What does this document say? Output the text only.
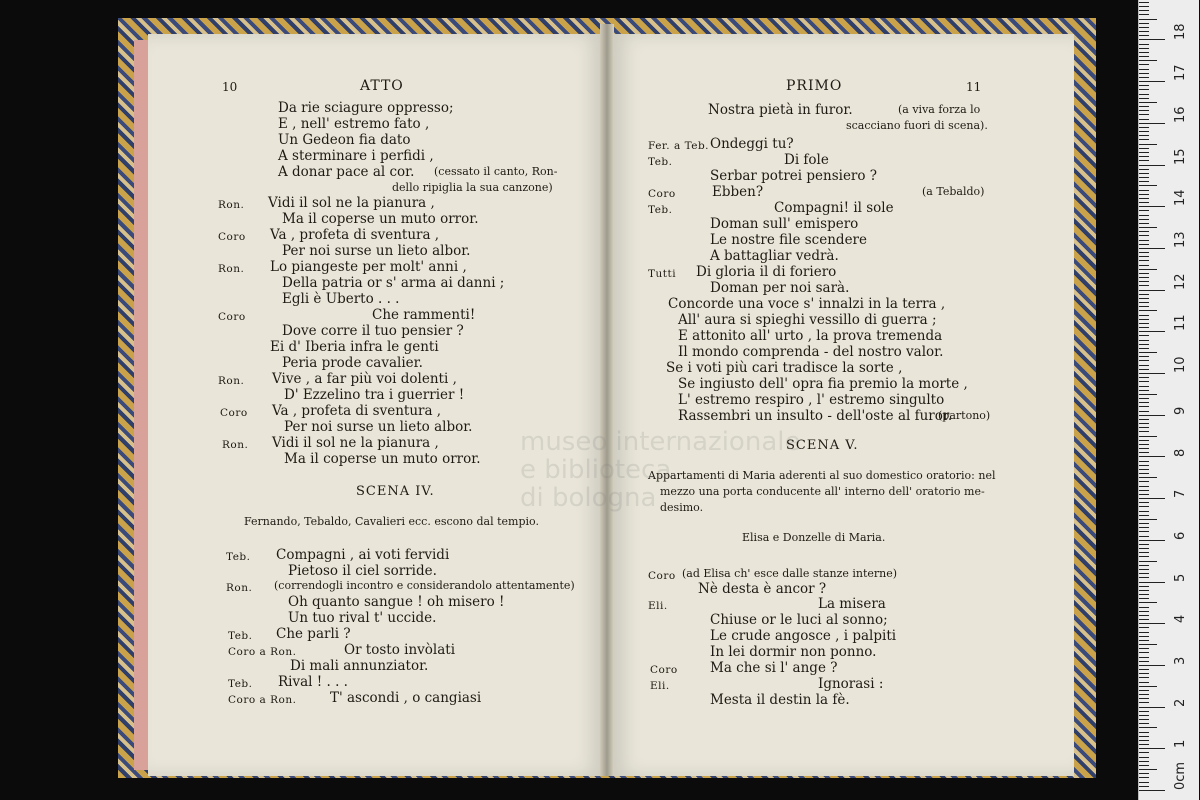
museo internazionale
e biblioteca
di bologna
10	ATTO
Da rie sciagure oppresso;
E , nell' estremo fato ,
Un Gedeon fia dato
A sterminare i perfidi ,
A donar pace al cor. (cessato il canto, Ron-
dello ripiglia la sua canzone)
Ron. Vidi il sol ne la pianura ,
Ma il coperse un muto orror.
Coro Va , profeta di sventura ,
Per noi surse un lieto albor.
Ron. Lo piangeste per molt' anni ,
Della patria or s' arma ai danni ;
Egli è Uberto . . .
Coro	Che rammenti!
Dove corre il tuo pensier ?
Ei d' Iberia infra le genti
Peria prode cavalier.
Ron. Vive , a far più voi dolenti ,
D' Ezzelino tra i guerrier !
Coro Va , profeta di sventura ,
Per noi surse un lieto albor.
Ron. Vidi il sol ne la pianura ,
Ma il coperse un muto orror.
SCENA IV.
Fernando, Tebaldo, Cavalieri ecc. escono dal tempio.
Teb. Compagni , ai voti fervidi
Pietoso il ciel sorride.
Ron. (correndogli incontro e considerandolo attentamente)
Oh quanto sangue ! oh misero !
Un tuo rival t' uccide.
Teb. Che parli ?
Coro a Ron.	Or tosto invòlati
Di mali annunziator.
Teb. Rival ! . . .
Coro a Ron. T' ascondi , o cangiasi
PRIMO	11
Nostra pietà in furor.	(a viva forza lo
scacciano fuori di scena).
Fer. a Teb. Ondeggi tu?
Teb.	Di fole
Serbar potrei pensiero ?
Coro	Ebben?	(a Tebaldo)
Teb.	Compagni! il sole
Doman sull' emispero
Le nostre file scendere
A battagliar vedrà.
Tutti Di gloria il di foriero
Doman per noi sarà.
Concorde una voce s' innalzi in la terra ,
All' aura si spieghi vessillo di guerra ;
E attonito all' urto , la prova tremenda
Il mondo comprenda - del nostro valor.
Se i voti più cari tradisce la sorte ,
Se ingiusto dell' opra fia premio la morte ,
L' estremo respiro , l' estremo singulto
Rassembri un insulto - dell'oste al furor.
(partono)
SCENA V.
Appartamenti di Maria aderenti al suo domestico oratorio: nel
mezzo una porta conducente all' interno dell' oratorio me-
desimo.
Elisa e Donzelle di Maria.
Coro (ad Elisa ch' esce dalle stanze interne)
Nè desta è ancor ?
Eli.	La misera
Chiuse or le luci al sonno;
Le crude angosce , i palpiti
In lei dormir non ponno.
Coro Ma che si l' ange ?
Eli.	Ignorasi :
Mesta il destin la fè.
0cm
1
2
3
4
5
6
7
8
9
10
11
12
13
14
15
16
17
18
